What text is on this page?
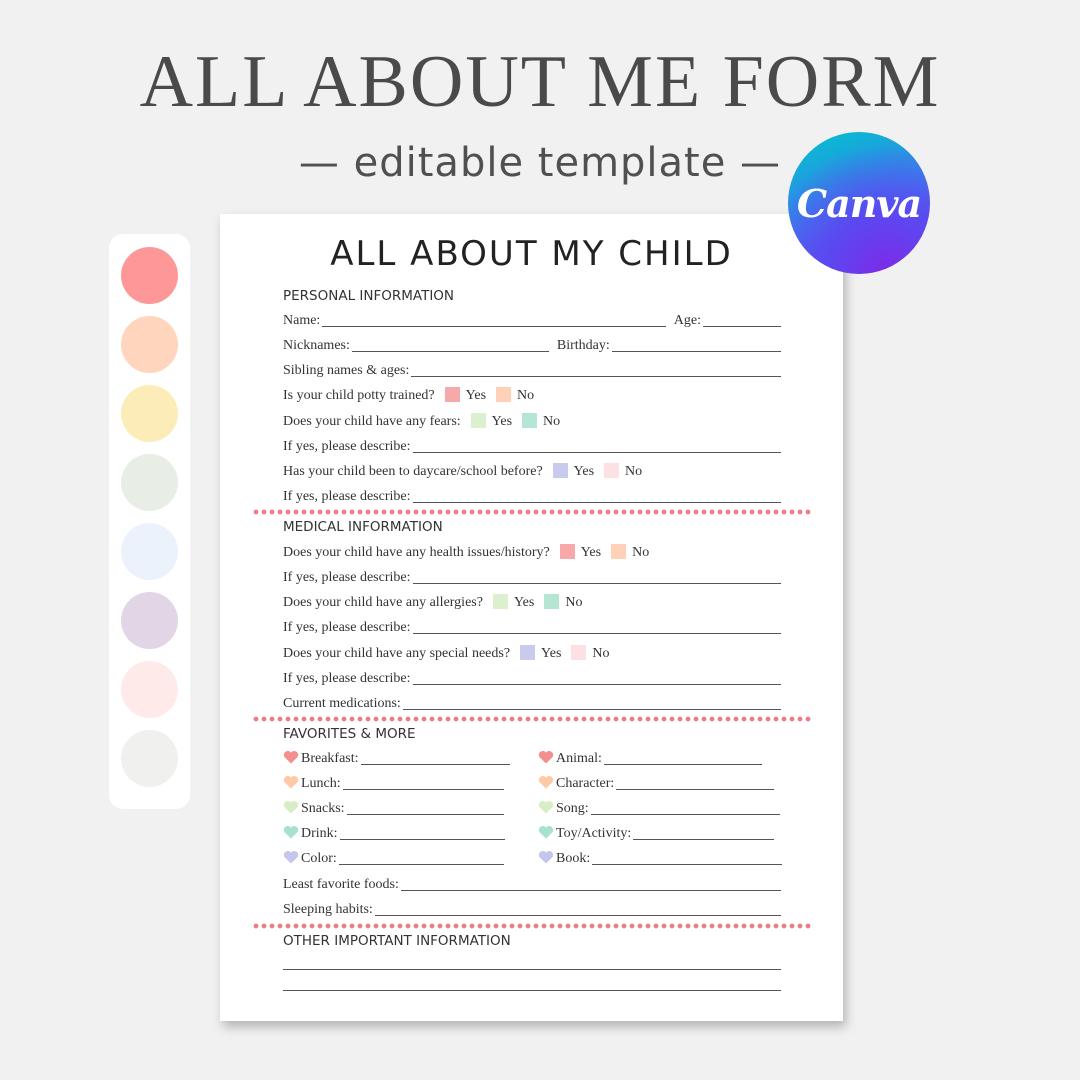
ALL ABOUT ME FORM
— editable template —
ALL ABOUT MY CHILD
PERSONAL INFORMATION
Name:	Age:
Nicknames:	Birthday:
Sibling names & ages:
Is your child potty trained? Yes No
Does your child have any fears: Yes No
If yes, please describe:
Has your child been to daycare/school before? Yes No
If yes, please describe:
MEDICAL INFORMATION
Does your child have any health issues/history? Yes No
If yes, please describe:
Does your child have any allergies? Yes No
If yes, please describe:
Does your child have any special needs? Yes No
If yes, please describe:
Current medications:
FAVORITES & MORE
Breakfast:	Animal:
Lunch:	Character:
Snacks:	Song:
Drink:	Toy/Activity:
Color:	Book:
Least favorite foods:
Sleeping habits:
OTHER IMPORTANT INFORMATION
Canva
